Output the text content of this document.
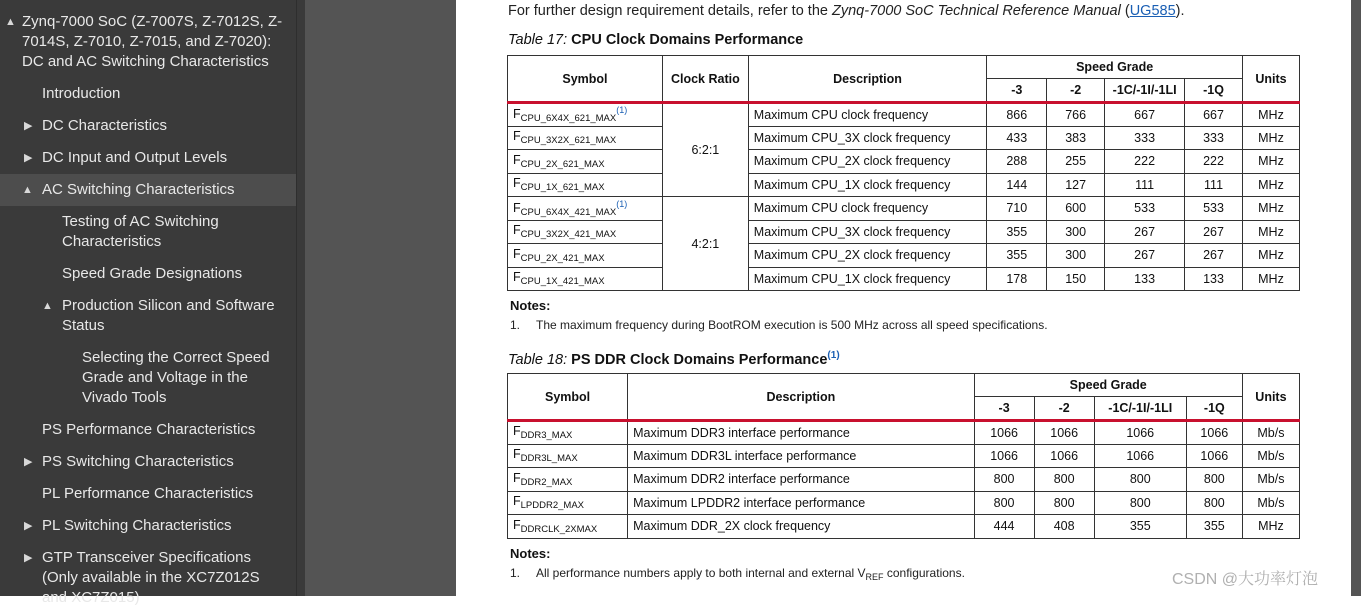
▲ Zynq-7000 SoC (Z-7007S, Z-7012S, Z-
7014S, Z-7010, Z-7015, and Z-7020):
DC and AC Switching Characteristics
Introduction
▶ DC Characteristics
▶ DC Input and Output Levels
▲ AC Switching Characteristics
Testing of AC Switching
Characteristics
Speed Grade Designations
▲ Production Silicon and Software
Status
Selecting the Correct Speed
Grade and Voltage in the
Vivado Tools
PS Performance Characteristics
▶ PS Switching Characteristics
PL Performance Characteristics
▶ PL Switching Characteristics
▶ GTP Transceiver Specifications
(Only available in the XC7Z012S
and XC7Z015)
For further design requirement details, refer to the Zynq-7000 SoC Technical Reference Manual (UG585).
Table 17: CPU Clock Domains Performance
Symbol	Clock Ratio	Description	Speed Grade				Units
			-3	-2	-1C/-1I/-1LI	-1Q	
$F_{CPU\_6X4X\_621\_MAX}^{(1)}$	6:2:1	Maximum CPU clock frequency	866	766	667	667	MHz
$F_{CPU\_3X2X\_621\_MAX}$		Maximum CPU_3X clock frequency	433	383	333	333	MHz
$F_{CPU\_2X\_621\_MAX}$		Maximum CPU_2X clock frequency	288	255	222	222	MHz
$F_{CPU\_1X\_621\_MAX}$		Maximum CPU_1X clock frequency	144	127	111	111	MHz
$F_{CPU\_6X4X\_421\_MAX}^{(1)}$	4:2:1	Maximum CPU clock frequency	710	600	533	533	MHz
$F_{CPU\_3X2X\_421\_MAX}$		Maximum CPU_3X clock frequency	355	300	267	267	MHz
$F_{CPU\_2X\_421\_MAX}$		Maximum CPU_2X clock frequency	355	300	267	267	MHz
$F_{CPU\_1X\_421\_MAX}$		Maximum CPU_1X clock frequency	178	150	133	133	MHz
Notes:
1. The maximum frequency during BootROM execution is 500 MHz across all speed specifications.
Table 18: PS DDR Clock Domains Performance$^{(1)}$
Symbol	Description	Speed Grade				Units
		-3	-2	-1C/-1I/-1LI	-1Q	
$F_{DDR3\_MAX}$	Maximum DDR3 interface performance	1066	1066	1066	1066	Mb/s
$F_{DDR3L\_MAX}$	Maximum DDR3L interface performance	1066	1066	1066	1066	Mb/s
$F_{DDR2\_MAX}$	Maximum DDR2 interface performance	800	800	800	800	Mb/s
$F_{LPDDR2\_MAX}$	Maximum LPDDR2 interface performance	800	800	800	800	Mb/s
$F_{DDRCLK\_2XMAX}$	Maximum DDR_2X clock frequency	444	408	355	355	MHz
Notes:
1. All performance numbers apply to both internal and external $V_{REF}$ configurations.	CSDN @大功率灯泡
